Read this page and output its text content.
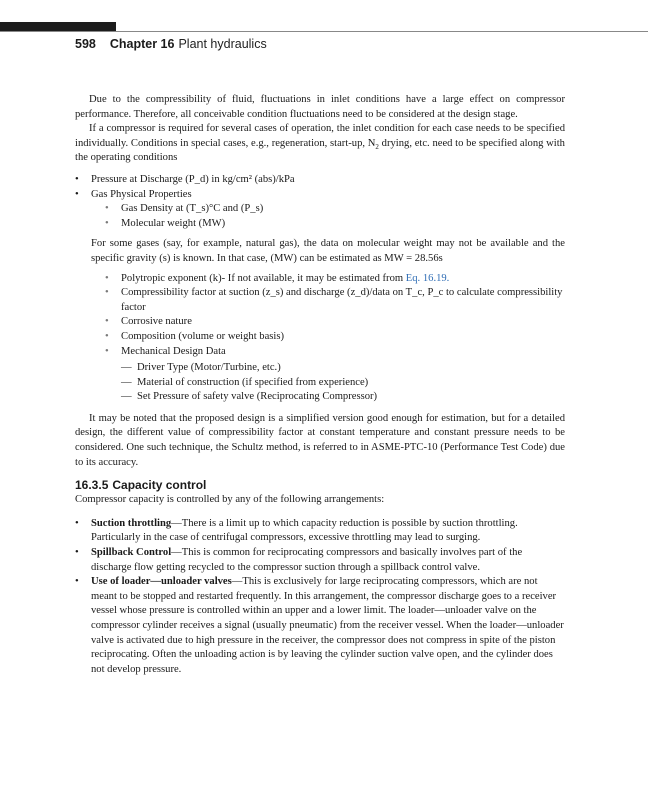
598 Chapter 16 Plant hydraulics

Due to the compressibility of fluid, fluctuations in inlet conditions have a large effect on compressor performance. Therefore, all conceivable condition fluctuations need to be considered at the design stage.

If a compressor is required for several cases of operation, the inlet condition for each case needs to be specified individually. Conditions in special cases, e.g., regeneration, start-up, $N_2$ drying, etc. need to be specified along with the operating conditions

• Pressure at Discharge (P_d) in kg/cm² (abs)/kPa
• Gas Physical Properties
• Gas Density at (T_s)°C and (P_s)
• Molecular weight (MW)

For some gases (say, for example, natural gas), the data on molecular weight may not be available and the specific gravity (s) is known. In that case, (MW) can be estimated as MW = 28.56s

• Polytropic exponent (k)- If not available, it may be estimated from Eq. 16.19.
• Compressibility factor at suction (z_s) and discharge (z_d)/data on T_c, P_c to calculate compressibility factor
• Corrosive nature
• Composition (volume or weight basis)
• Mechanical Design Data
— Driver Type (Motor/Turbine, etc.)
— Material of construction (if specified from experience)
— Set Pressure of safety valve (Reciprocating Compressor)

It may be noted that the proposed design is a simplified version good enough for estimation, but for a detailed design, the different value of compressibility factor at constant temperature and constant pressure needs to be considered. One such technique, the Schultz method, is referred to in ASME-PTC-10 (Performance Test Code) due to its accuracy.

16.3.5 Capacity control

Compressor capacity is controlled by any of the following arrangements:

• Suction throttling—There is a limit up to which capacity reduction is possible by suction throttling. Particularly in the case of centrifugal compressors, excessive throttling may lead to surging.
• Spillback Control—This is common for reciprocating compressors and basically involves part of the discharge flow getting recycled to the compressor suction through a spillback control valve.
• Use of loader—unloader valves—This is exclusively for large reciprocating compressors, which are not meant to be stopped and restarted frequently. In this arrangement, the compressor discharge goes to a receiver vessel whose pressure is controlled within an upper and a lower limit. The loader—unloader valve on the compressor cylinder receives a signal (usually pneumatic) from the receiver vessel. When the loader—unloader valve is activated due to high pressure in the receiver, the compressor does not compress in spite of the piston reciprocating. Often the unloading action is by leaving the cylinder suction valve open, and the cylinder does not develop pressure.
